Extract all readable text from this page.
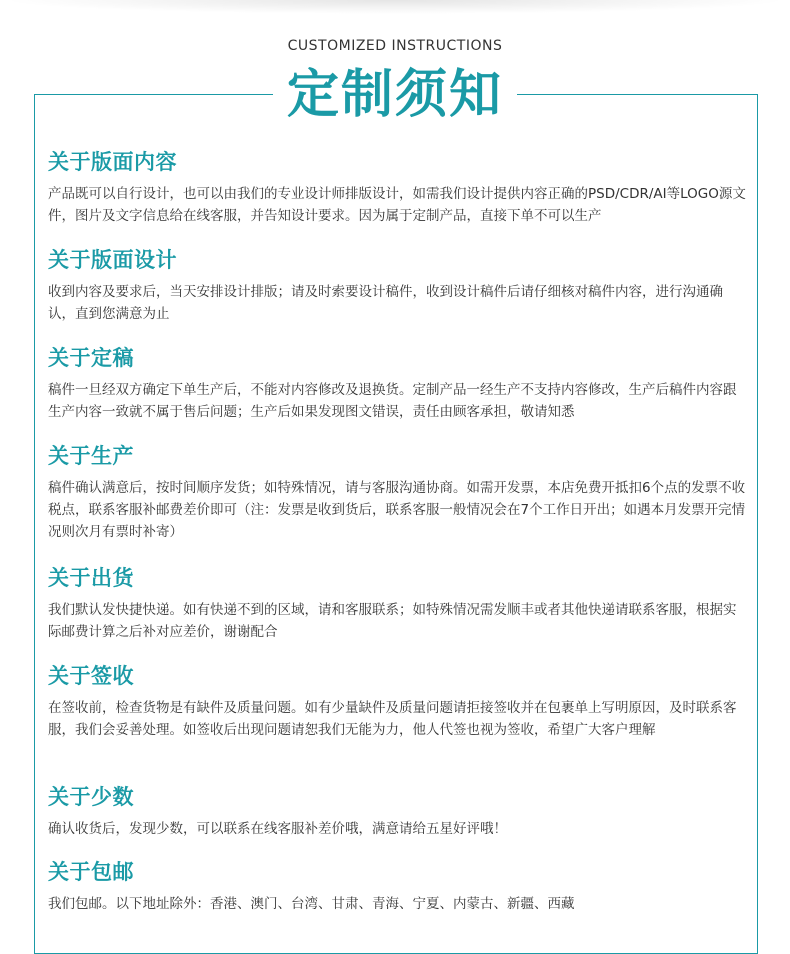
CUSTOMIZED INSTRUCTIONS
定制须知
关于版面内容

产品既可以自行设计，也可以由我们的专业设计师排版设计，如需我们设计提供内容正确的PSD/CDR/AI等LOGO源文件，图片及文字信息给在线客服，并告知设计要求。因为属于定制产品，直接下单不可以生产

关于版面设计

收到内容及要求后，当天安排设计排版；请及时索要设计稿件，收到设计稿件后请仔细核对稿件内容，进行沟通确认，直到您满意为止

关于定稿

稿件一旦经双方确定下单生产后，不能对内容修改及退换货。定制产品一经生产不支持内容修改，生产后稿件内容跟生产内容一致就不属于售后问题；生产后如果发现图文错误，责任由顾客承担，敬请知悉

关于生产

稿件确认满意后，按时间顺序发货；如特殊情况，请与客服沟通协商。如需开发票，本店免费开抵扣6个点的发票不收税点，联系客服补邮费差价即可（注：发票是收到货后，联系客服一般情况会在7个工作日开出；如遇本月发票开完情况则次月有票时补寄）

关于出货

我们默认发快捷快递。如有快递不到的区域，请和客服联系；如特殊情况需发顺丰或者其他快递请联系客服，根据实际邮费计算之后补对应差价，谢谢配合

关于签收

在签收前，检查货物是有缺件及质量问题。如有少量缺件及质量问题请拒接签收并在包裹单上写明原因，及时联系客服，我们会妥善处理。如签收后出现问题请恕我们无能为力，他人代签也视为签收，希望广大客户理解

关于少数

确认收货后，发现少数，可以联系在线客服补差价哦，满意请给五星好评哦！

关于包邮

我们包邮。以下地址除外：香港、澳门、台湾、甘肃、青海、宁夏、内蒙古、新疆、西藏
